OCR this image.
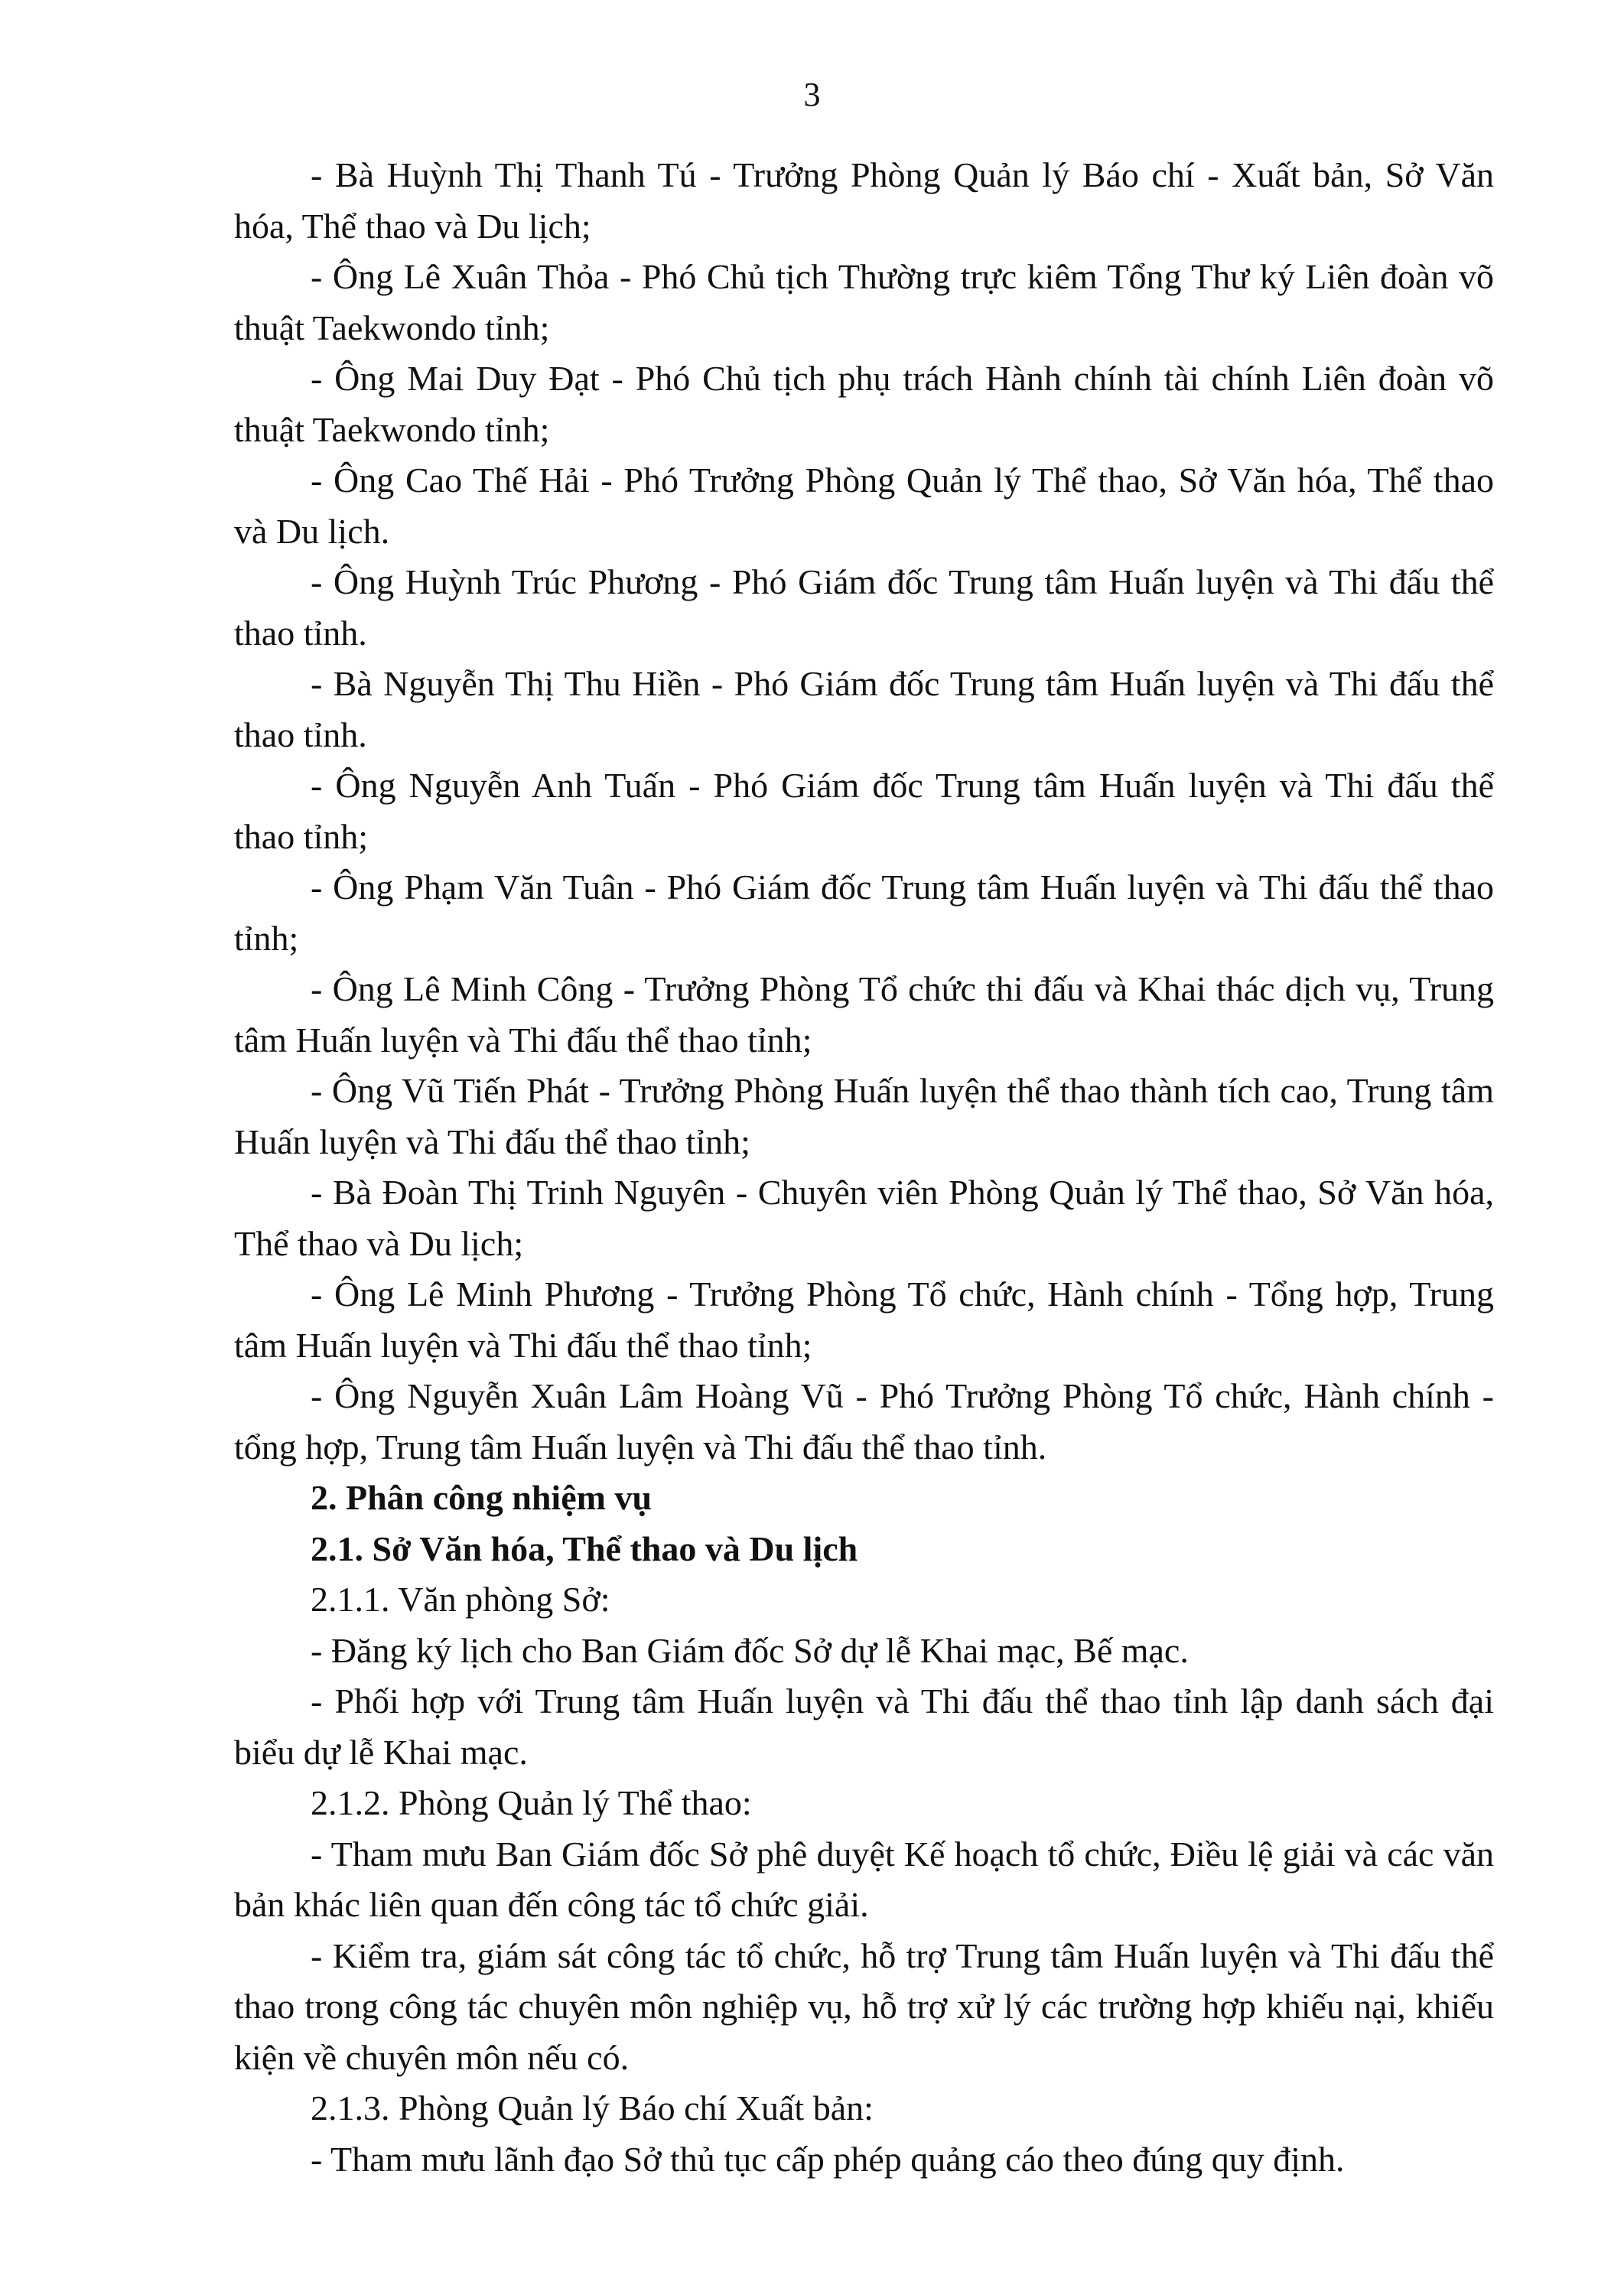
3

- Bà Huỳnh Thị Thanh Tú - Trưởng Phòng Quản lý Báo chí - Xuất bản, Sở Văn hóa, Thể thao và Du lịch;

- Ông Lê Xuân Thỏa - Phó Chủ tịch Thường trực kiêm Tổng Thư ký Liên đoàn võ thuật Taekwondo tỉnh;

- Ông Mai Duy Đạt - Phó Chủ tịch phụ trách Hành chính tài chính Liên đoàn võ thuật Taekwondo tỉnh;

- Ông Cao Thế Hải - Phó Trưởng Phòng Quản lý Thể thao, Sở Văn hóa, Thể thao và Du lịch.

- Ông Huỳnh Trúc Phương - Phó Giám đốc Trung tâm Huấn luyện và Thi đấu thể thao tỉnh.

- Bà Nguyễn Thị Thu Hiền - Phó Giám đốc Trung tâm Huấn luyện và Thi đấu thể thao tỉnh.

- Ông Nguyễn Anh Tuấn - Phó Giám đốc Trung tâm Huấn luyện và Thi đấu thể thao tỉnh;

- Ông Phạm Văn Tuân - Phó Giám đốc Trung tâm Huấn luyện và Thi đấu thể thao tỉnh;

- Ông Lê Minh Công - Trưởng Phòng Tổ chức thi đấu và Khai thác dịch vụ, Trung tâm Huấn luyện và Thi đấu thể thao tỉnh;

- Ông Vũ Tiến Phát - Trưởng Phòng Huấn luyện thể thao thành tích cao, Trung tâm Huấn luyện và Thi đấu thể thao tỉnh;

- Bà Đoàn Thị Trinh Nguyên - Chuyên viên Phòng Quản lý Thể thao, Sở Văn hóa, Thể thao và Du lịch;

- Ông Lê Minh Phương - Trưởng Phòng Tổ chức, Hành chính - Tổng hợp, Trung tâm Huấn luyện và Thi đấu thể thao tỉnh;

- Ông Nguyễn Xuân Lâm Hoàng Vũ - Phó Trưởng Phòng Tổ chức, Hành chính - tổng hợp, Trung tâm Huấn luyện và Thi đấu thể thao tỉnh.

2. Phân công nhiệm vụ

2.1. Sở Văn hóa, Thể thao và Du lịch

2.1.1. Văn phòng Sở:

- Đăng ký lịch cho Ban Giám đốc Sở dự lễ Khai mạc, Bế mạc.

- Phối hợp với Trung tâm Huấn luyện và Thi đấu thể thao tỉnh lập danh sách đại biểu dự lễ Khai mạc.

2.1.2. Phòng Quản lý Thể thao:

- Tham mưu Ban Giám đốc Sở phê duyệt Kế hoạch tổ chức, Điều lệ giải và các văn bản khác liên quan đến công tác tổ chức giải.

- Kiểm tra, giám sát công tác tổ chức, hỗ trợ Trung tâm Huấn luyện và Thi đấu thể thao trong công tác chuyên môn nghiệp vụ, hỗ trợ xử lý các trường hợp khiếu nại, khiếu kiện về chuyên môn nếu có.

2.1.3. Phòng Quản lý Báo chí Xuất bản:

- Tham mưu lãnh đạo Sở thủ tục cấp phép quảng cáo theo đúng quy định.
